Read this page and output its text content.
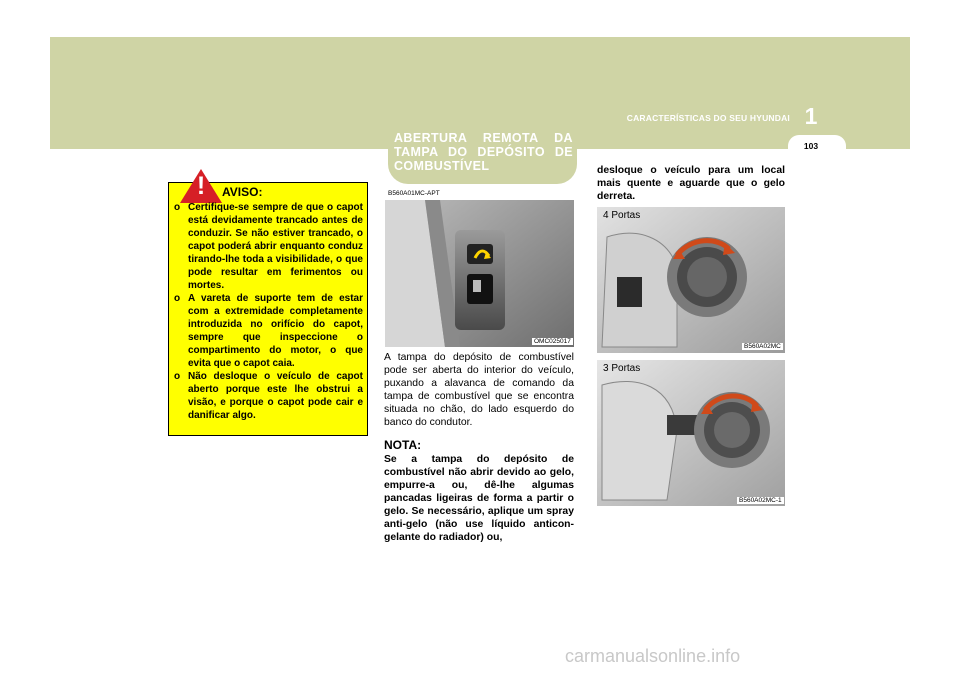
CARACTERÍSTICAS DO SEU HYUNDAI 1
103
!	AVISO:
o Certifique-se sempre de que o capot está devidamente trancado antes de conduzir. Se não estiver trancado, o capot poderá abrir enquanto conduz tirando-lhe toda a visibilidade, o que pode resultar em ferimentos ou mortes.
o A vareta de suporte tem de estar com a extremidade completamente introduzida no orifício do capot, sempre que inspeccione o compartimento do motor, o que evita que o capot caia.
o Não desloque o veículo de capot aberto porque este lhe obstrui a visão, e porque o capot pode cair e danificar algo.
ABERTURA REMOTA DA TAMPA DO DEPÓSITO DE COMBUSTÍVEL
B560A01MC-APT
OMC025017

A tampa do depósito de combustível pode ser aberta do interior do veículo, puxando a alavanca de comando da tampa de combustível que se encontra situada no chão, do lado esquerdo do banco do condutor.

NOTA:

Se a tampa do depósito de combustível não abrir devido ao gelo, empurre-a ou, dê-lhe algumas pancadas ligeiras de forma a partir o gelo. Se necessário, aplique um spray anti-gelo (não use líquido anticon-gelante do radiador) ou,

desloque o veículo para um local mais quente e aguarde que o gelo derreta.

4 Portas
B560A02MC
3 Portas
B560A02MC-1
carmanualsonline.info
